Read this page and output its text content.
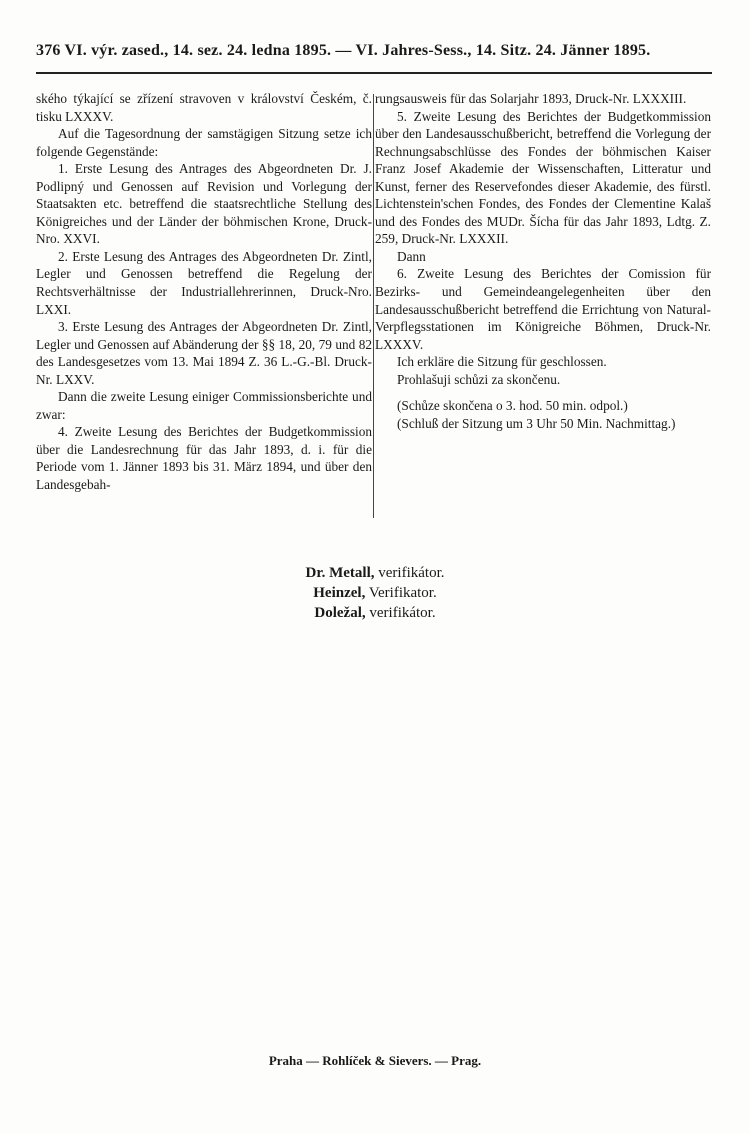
376 VI. výr. zased., 14. sez. 24. ledna 1895. — VI. Jahres-Sess., 14. Sitz. 24. Jänner 1895.

ského týkající se zřízení stravoven v království Českém, č. tisku LXXXV.

Auf die Tagesordnung der samstägigen Sitzung setze ich folgende Gegenstände:

1. Erste Lesung des Antrages des Abgeordneten Dr. J. Podlipný und Genossen auf Revision und Vorlegung der Staatsakten etc. betreffend die staatsrechtliche Stellung des Königreiches und der Länder der böhmischen Krone, Druck-Nro. XXVI.

2. Erste Lesung des Antrages des Abgeordneten Dr. Zintl, Legler und Genossen betreffend die Regelung der Rechtsverhältnisse der Industriallehrerinnen, Druck-Nro. LXXI.

3. Erste Lesung des Antrages der Abgeordneten Dr. Zintl, Legler und Genossen auf Abänderung der §§ 18, 20, 79 und 82 des Landesgesetzes vom 13. Mai 1894 Z. 36 L.-G.-Bl. Druck-Nr. LXXV.

Dann die zweite Lesung einiger Commissionsberichte und zwar:

4. Zweite Lesung des Berichtes der Budgetkommission über die Landesrechnung für das Jahr 1893, d. i. für die Periode vom 1. Jänner 1893 bis 31. März 1894, und über den Landesgebah-

rungsausweis für das Solarjahr 1893, Druck-Nr. LXXXIII.

5. Zweite Lesung des Berichtes der Budgetkommission über den Landesausschußbericht, betreffend die Vorlegung der Rechnungsabschlüsse des Fondes der böhmischen Kaiser Franz Josef Akademie der Wissenschaften, Litteratur und Kunst, ferner des Reservefondes dieser Akademie, des fürstl. Lichtenstein'schen Fondes, des Fondes der Clementine Kalaš und des Fondes des MUDr. Šícha für das Jahr 1893, Ldtg. Z. 259, Druck-Nr. LXXXII.

Dann

6. Zweite Lesung des Berichtes der Comission für Bezirks- und Gemeindeangelegenheiten über den Landesausschußbericht betreffend die Errichtung von Natural-Verpflegsstationen im Königreiche Böhmen, Druck-Nr. LXXXV.

Ich erkläre die Sitzung für geschlossen.

Prohlašuji schůzi za skončenu.

(Schůze skončena o 3. hod. 50 min. odpol.)

(Schluß der Sitzung um 3 Uhr 50 Min. Nachmittag.)

Dr. Metall, verifikátor.
Heinzel, Verifikator.
Doležal, verifikátor.
Praha — Rohlíček & Sievers. — Prag.
